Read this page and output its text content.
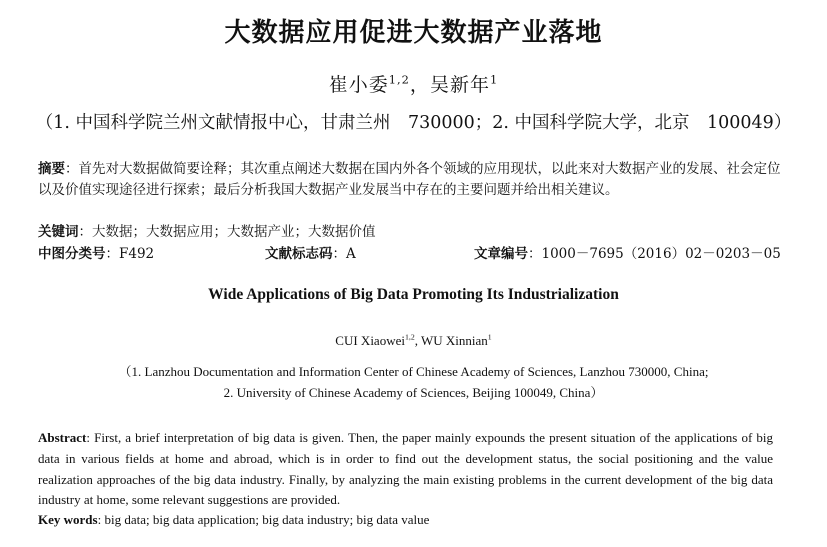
大数据应用促进大数据产业落地
崔小委$^{1,2}$，吴新年$^1$
（1. 中国科学院兰州文献情报中心，甘肃兰州　730000；2. 中国科学院大学，北京　100049）
摘要：首先对大数据做简要诠释；其次重点阐述大数据在国内外各个领域的应用现状，以此来对大数据产业的发展、社会定位以及价值实现途径进行探索；最后分析我国大数据产业发展当中存在的主要问题并给出相关建议。
关键词：大数据；大数据应用；大数据产业；大数据价值
中图分类号：F492	文献标志码：A	文章编号：1000－7695（2016）02－0203－05
Wide Applications of Big Data Promoting Its Industrialization
CUI Xiaowei$^{1,2}$, WU Xinnian$^1$
（1. Lanzhou Documentation and Information Center of Chinese Academy of Sciences, Lanzhou 730000, China;
2. University of Chinese Academy of Sciences, Beijing 100049, China）
Abstract: First, a brief interpretation of big data is given. Then, the paper mainly expounds the present situation of the applications of big data in various fields at home and abroad, which is in order to find out the development status, the social positioning and the value realization approaches of the big data industry. Finally, by analyzing the main existing problems in the current development of the big data industry at home, some relevant suggestions are provided.
Key words: big data; big data application; big data industry; big data value
